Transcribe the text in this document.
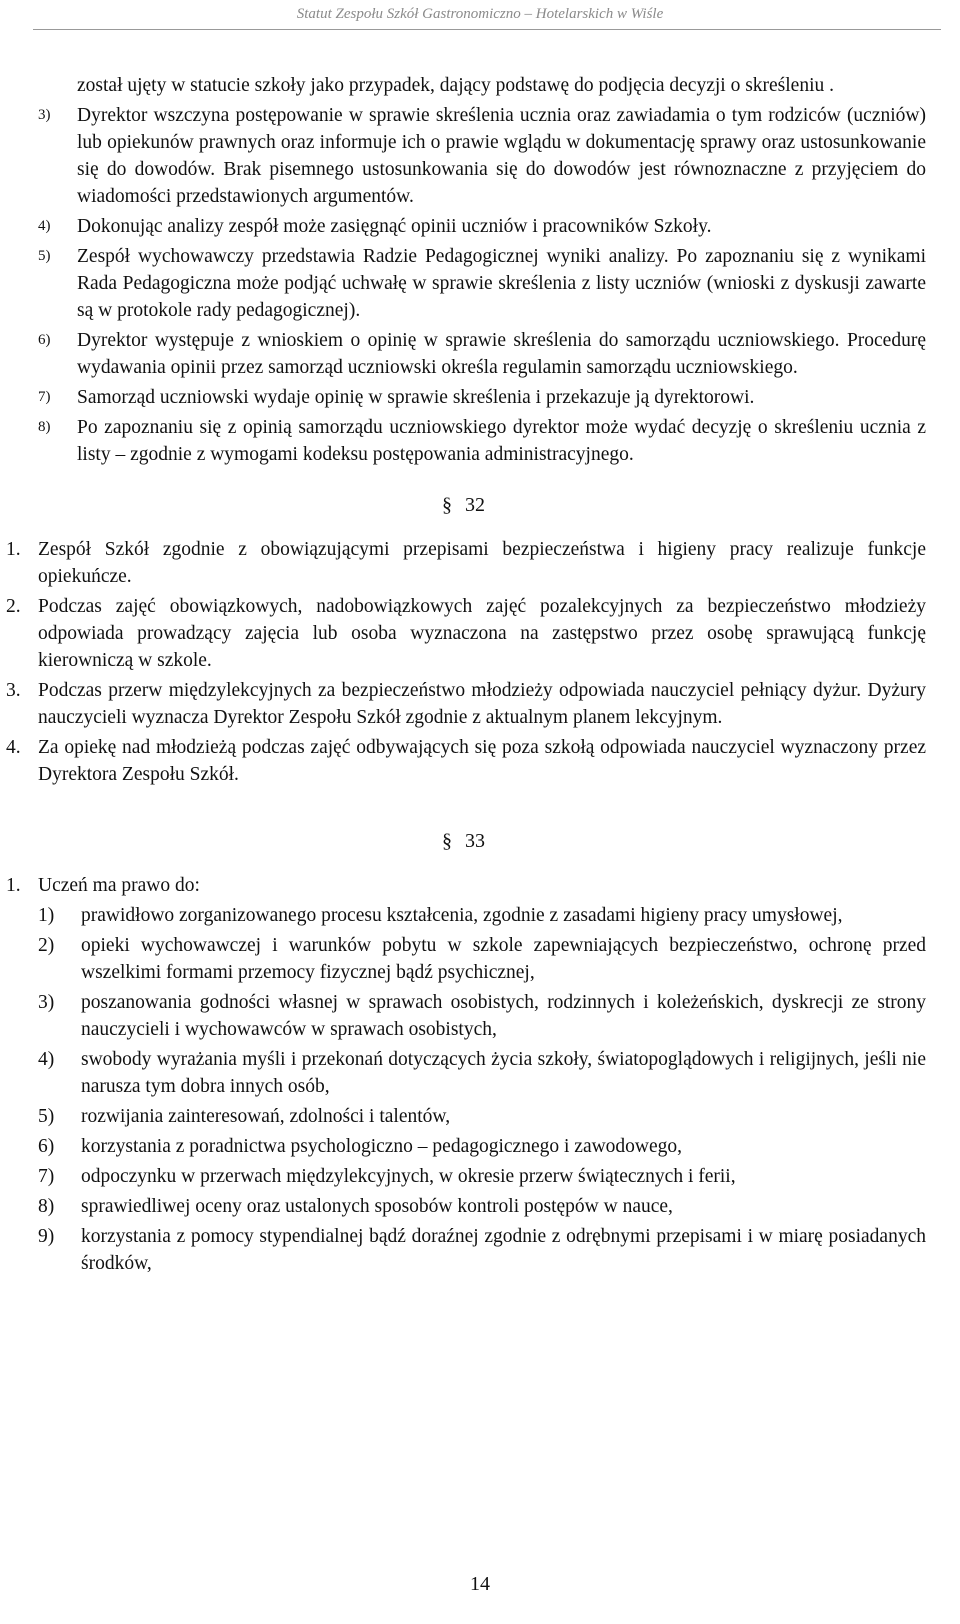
Statut Zespołu Szkół Gastronomiczno – Hotelarskich w Wiśle
został ujęty w statucie szkoły jako przypadek, dający podstawę do podjęcia decyzji o skreśleniu .
3) Dyrektor wszczyna postępowanie w sprawie skreślenia ucznia oraz zawiadamia o tym rodziców (uczniów) lub opiekunów prawnych oraz informuje ich o prawie wglądu w dokumentację sprawy oraz ustosunkowanie się do dowodów. Brak pisemnego ustosunkowania się do dowodów jest równoznaczne z przyjęciem do wiadomości przedstawionych argumentów.
4) Dokonując analizy zespół może zasięgnąć opinii uczniów i pracowników Szkoły.
5) Zespół wychowawczy przedstawia Radzie Pedagogicznej wyniki analizy. Po zapoznaniu się z wynikami Rada Pedagogiczna może podjąć uchwałę w sprawie skreślenia z listy uczniów (wnioski z dyskusji zawarte są w protokole rady pedagogicznej).
6) Dyrektor występuje z wnioskiem o opinię w sprawie skreślenia do samorządu uczniowskiego. Procedurę wydawania opinii przez samorząd uczniowski określa regulamin samorządu uczniowskiego.
7) Samorząd uczniowski wydaje opinię w sprawie skreślenia i przekazuje ją dyrektorowi.
8) Po zapoznaniu się z opinią samorządu uczniowskiego dyrektor może wydać decyzję o skreśleniu ucznia z listy – zgodnie z wymogami kodeksu postępowania administracyjnego.
§ 32
1. Zespół Szkół zgodnie z obowiązującymi przepisami bezpieczeństwa i higieny pracy realizuje funkcje opiekuńcze.
2. Podczas zajęć obowiązkowych, nadobowiązkowych zajęć pozalekcyjnych za bezpieczeństwo młodzieży odpowiada prowadzący zajęcia lub osoba wyznaczona na zastępstwo przez osobę sprawującą funkcję kierowniczą w szkole.
3. Podczas przerw międzylekcyjnych za bezpieczeństwo młodzieży odpowiada nauczyciel pełniący dyżur. Dyżury nauczycieli wyznacza Dyrektor Zespołu Szkół zgodnie z aktualnym planem lekcyjnym.
4. Za opiekę nad młodzieżą podczas zajęć odbywających się poza szkołą odpowiada nauczyciel wyznaczony przez Dyrektora Zespołu Szkół.
§ 33
1. Uczeń ma prawo do:
1) prawidłowo zorganizowanego procesu kształcenia, zgodnie z zasadami higieny pracy umysłowej,
2) opieki wychowawczej i warunków pobytu w szkole zapewniających bezpieczeństwo, ochronę przed wszelkimi formami przemocy fizycznej bądź psychicznej,
3) poszanowania godności własnej w sprawach osobistych, rodzinnych i koleżeńskich, dyskrecji ze strony nauczycieli i wychowawców w sprawach osobistych,
4) swobody wyrażania myśli i przekonań dotyczących życia szkoły, światopoglądowych i religijnych, jeśli nie narusza tym dobra innych osób,
5) rozwijania zainteresowań, zdolności i talentów,
6) korzystania z poradnictwa psychologiczno – pedagogicznego i zawodowego,
7) odpoczynku w przerwach międzylekcyjnych, w okresie przerw świątecznych i ferii,
8) sprawiedliwej oceny oraz ustalonych sposobów kontroli postępów w nauce,
9) korzystania z pomocy stypendialnej bądź doraźnej zgodnie z odrębnymi przepisami i w miarę posiadanych środków,
14
